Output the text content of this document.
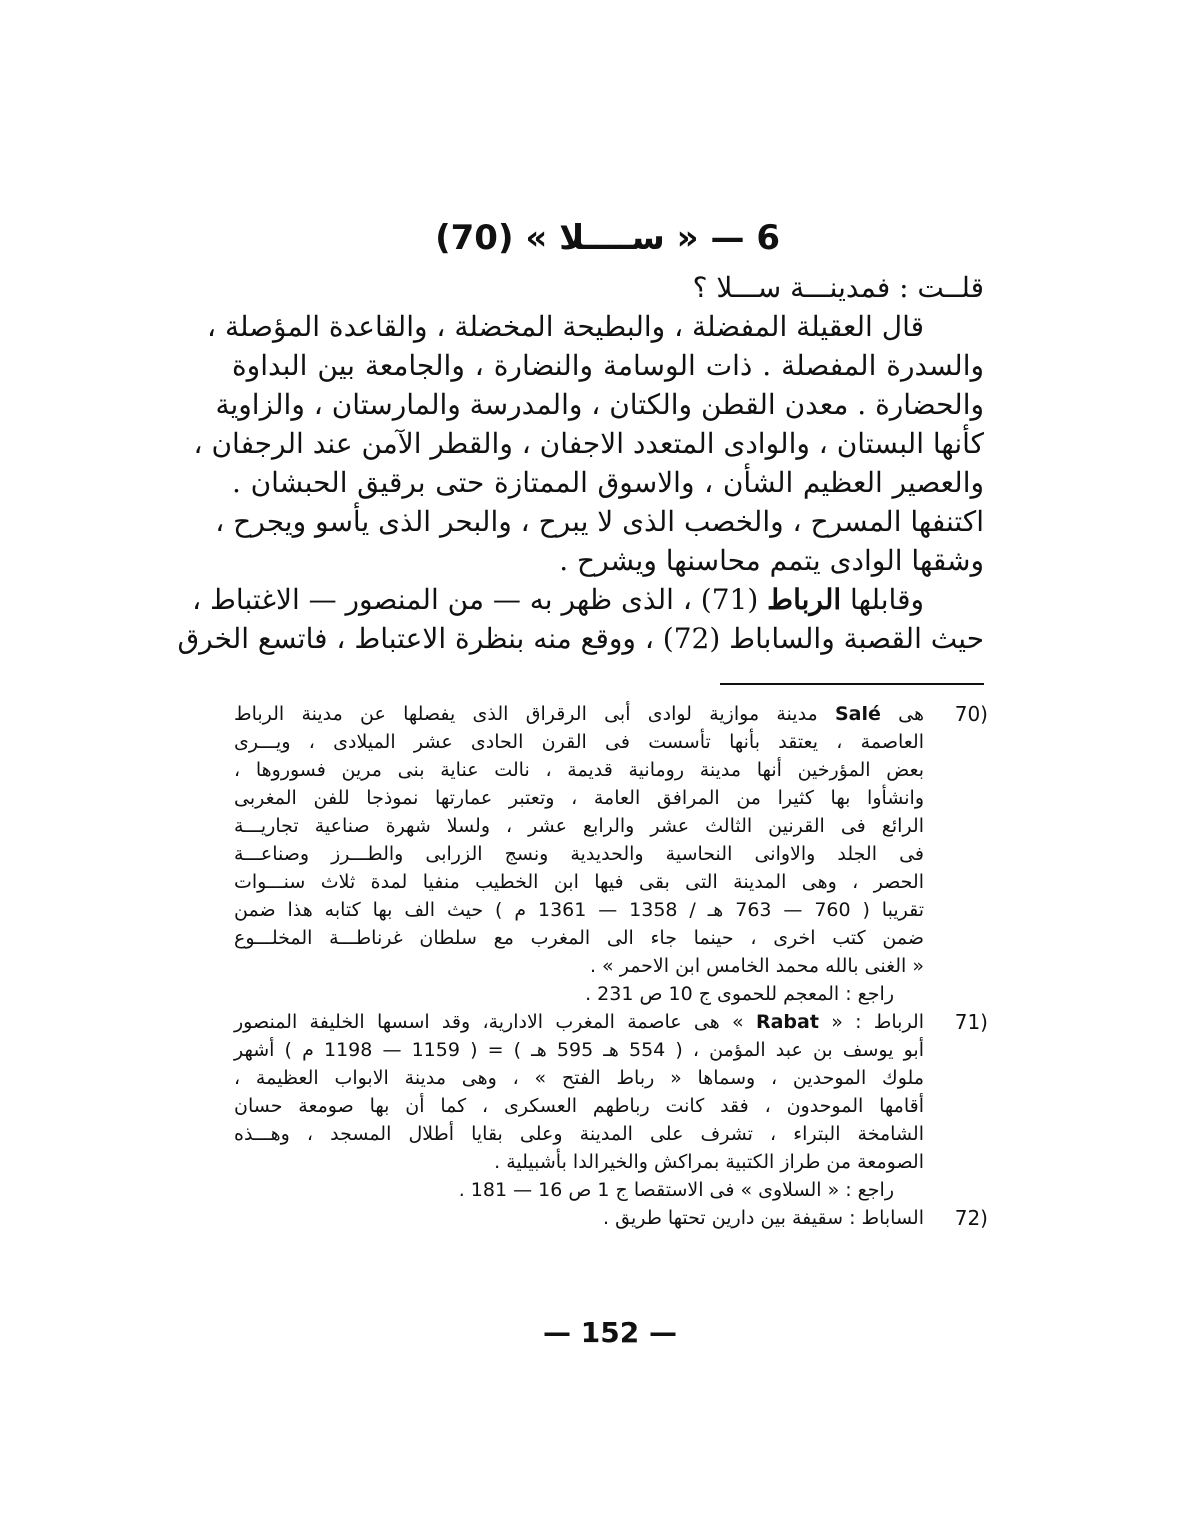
6 — « ســــلا » (70)
قلــت : فمدينـــة ســـلا ؟
قال العقيلة المفضلة ، والبطيحة المخضلة ، والقاعدة المؤصلة ،
والسدرة المفصلة . ذات الوسامة والنضارة ، والجامعة بين البداوة
والحضارة . معدن القطن والكتان ، والمدرسة والمارستان ، والزاوية
كأنها البستان ، والوادى المتعدد الاجفان ، والقطر الآمن عند الرجفان ،
والعصير العظيم الشأن ، والاسوق الممتازة حتى برقيق الحبشان .
اكتنفها المسرح ، والخصب الذى لا يبرح ، والبحر الذى يأسو ويجرح ،
وشقها الوادى يتمم محاسنها ويشرح .
وقابلها الرباط (71) ، الذى ظهر به — من المنصور — الاغتباط ،
حيث القصبة والساباط (72) ، ووقع منه بنظرة الاعتباط ، فاتسع الخرق
70)
هى Salé مدينة موازية لوادى أبى الرقراق الذى يفصلها عن مدينة الرباط
العاصمة ، يعتقد بأنها تأسست فى القرن الحادى عشر الميلادى ، ويـــرى
بعض المؤرخين أنها مدينة رومانية قديمة ، نالت عناية بنى مرين فسوروها ،
وانشأوا بها كثيرا من المرافق العامة ، وتعتبر عمارتها نموذجا للفن المغربى
الرائع فى القرنين الثالث عشر والرابع عشر ، ولسلا شهرة صناعية تجاريـــة
فى الجلد والاوانى النحاسية والحديدية ونسج الزرابى والطـــرز وصناعـــة
الحصر ، وهى المدينة التى بقى فيها ابن الخطيب منفيا لمدة ثلاث سنـــوات
تقريبا ( 760 — 763 هـ / 1358 — 1361 م ) حيث الف بها كتابه هذا ضمن
ضمن كتب اخرى ، حينما جاء الى المغرب مع سلطان غرناطـــة المخلـــوع
« الغنى بالله محمد الخامس ابن الاحمر » .
راجع : المعجم للحموى ج 10 ص 231 .
71)
الرباط : « Rabat » هى عاصمة المغرب الادارية، وقد اسسها الخليفة المنصور
أبو يوسف بن عبد المؤمن ، ( 554 هـ 595 هـ ) = ( 1159 — 1198 م ) أشهر
ملوك الموحدين ، وسماها « رباط الفتح » ، وهى مدينة الابواب العظيمة ،
أقامها الموحدون ، فقد كانت رباطهم العسكرى ، كما أن بها صومعة حسان
الشامخة البتراء ، تشرف على المدينة وعلى بقايا أطلال المسجد ، وهـــذه
الصومعة من طراز الكتبية بمراكش والخيرالدا بأشبيلية .
راجع : « السلاوى » فى الاستقصا ج 1 ص 16 — 181 .
72)
الساباط : سقيفة بين دارين تحتها طريق .
— 152 —
